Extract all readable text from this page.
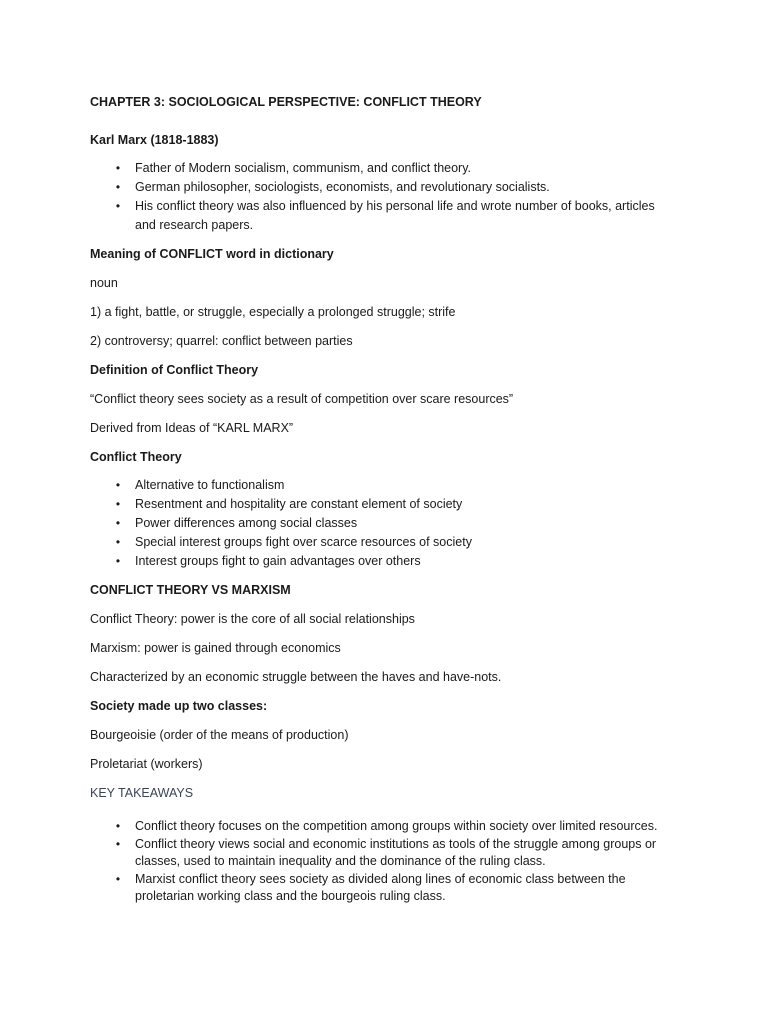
CHAPTER 3: SOCIOLOGICAL PERSPECTIVE: CONFLICT THEORY

Karl Marx (1818-1883)

• Father of Modern socialism, communism, and conflict theory.
• German philosopher, sociologists, economists, and revolutionary socialists.
• His conflict theory was also influenced by his personal life and wrote number of books, articles and research papers.

Meaning of CONFLICT word in dictionary

noun

1) a fight, battle, or struggle, especially a prolonged struggle; strife

2) controversy; quarrel: conflict between parties

Definition of Conflict Theory

“Conflict theory sees society as a result of competition over scare resources”

Derived from Ideas of “KARL MARX”

Conflict Theory

• Alternative to functionalism
• Resentment and hospitality are constant element of society
• Power differences among social classes
• Special interest groups fight over scarce resources of society
• Interest groups fight to gain advantages over others

CONFLICT THEORY VS MARXISM

Conflict Theory: power is the core of all social relationships

Marxism: power is gained through economics

Characterized by an economic struggle between the haves and have-nots.

Society made up two classes:

Bourgeoisie (order of the means of production)

Proletariat (workers)

KEY TAKEAWAYS

• Conflict theory focuses on the competition among groups within society over limited resources.
• Conflict theory views social and economic institutions as tools of the struggle among groups or classes, used to maintain inequality and the dominance of the ruling class.
• Marxist conflict theory sees society as divided along lines of economic class between the proletarian working class and the bourgeois ruling class.
